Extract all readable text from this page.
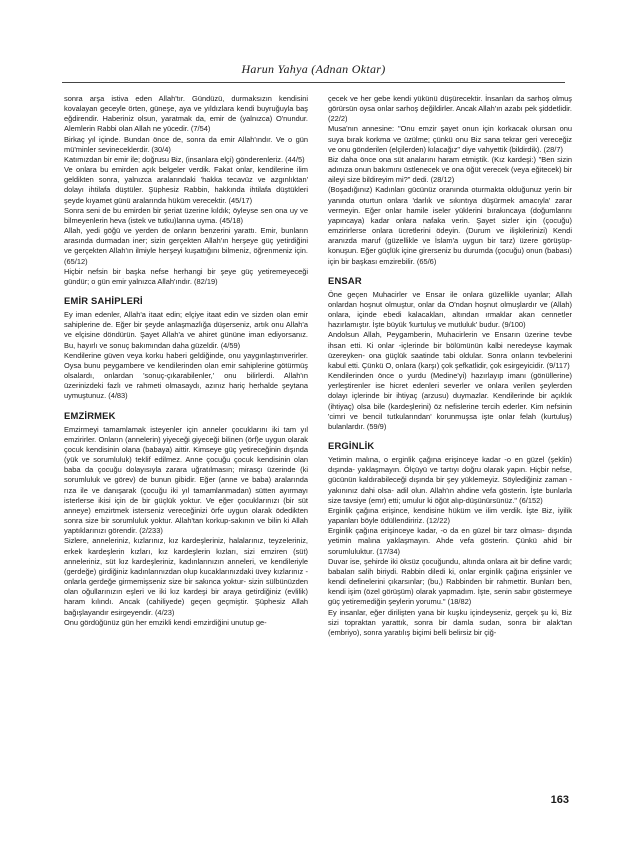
Harun Yahya (Adnan Oktar)

sonra arşa istiva eden Allah'tır. Gündüzü, durmaksızın kendisini kovalayan geceyle örten, güneşe, aya ve yıldızlara kendi buyruğuyla baş eğdirendir. Haberiniz olsun, yaratmak da, emir de (yalnızca) O'nundur. Alemlerin Rabbi olan Allah ne yücedir. (7/54)

Birkaç yıl içinde. Bundan önce de, sonra da emir Allah'ındır. Ve o gün mü'minler sevineceklerdir. (30/4)

Katımızdan bir emir ile; doğrusu Biz, (insanlara elçi) gönderenleriz. (44/5)

Ve onlara bu emirden açık belgeler verdik. Fakat onlar, kendilerine ilim geldikten sonra, yalnızca aralarındaki 'hakka tecavüz ve azgınlıktan' dolayı ihtilafa düştüler. Şüphesiz Rabbin, hakkında ihtilafa düştükleri şeyde kıyamet günü aralarında hüküm verecektir. (45/17)

Sonra seni de bu emirden bir şeriat üzerine kıldık; öyleyse sen ona uy ve bilmeyenlerin heva (istek ve tutku)larına uyma. (45/18)

Allah, yedi göğü ve yerden de onların benzerini yarattı. Emir, bunların arasında durmadan iner; sizin gerçekten Allah'ın herşeye güç yetirdiğini ve gerçekten Allah'ın ilmiyle herşeyi kuşattığını bilmeniz, öğrenmeniz için. (65/12)

Hiçbir nefsin bir başka nefse herhangi bir şeye güç yetiremeyeceği gündür; o gün emir yalnızca Allah'ındır. (82/19)

EMİR SAHİPLERİ

Ey iman edenler, Allah'a itaat edin; elçiye itaat edin ve sizden olan emir sahiplerine de. Eğer bir şeyde anlaşmazlığa düşerseniz, artık onu Allah'a ve elçisine döndürün. Şayet Allah'a ve ahiret gününe iman ediyorsanız. Bu, hayırlı ve sonuç bakımından daha güzeldir. (4/59)

Kendilerine güven veya korku haberi geldiğinde, onu yaygınlaştırıverirler. Oysa bunu peygambere ve kendilerinden olan emir sahiplerine götürmüş olsalardı, onlardan 'sonuç-çıkarabilenler,' onu bilirlerdi. Allah'ın üzerinizdeki fazlı ve rahmeti olmasaydı, azınız hariç herhalde şeytana uymuştunuz. (4/83)

EMZİRMEK

Emzirmeyi tamamlamak isteyenler için anneler çocuklarını iki tam yıl emzirirler. Onların (annelerin) yiyeceği giyeceği bilinen (örf)e uygun olarak çocuk kendisinin olana (babaya) aittir. Kimseye güç yetireceğinin dışında (yük ve sorumluluk) teklif edilmez. Anne çocuğu çocuk kendisinin olan baba da çocuğu dolayısıyla zarara uğratılmasın; mirasçı üzerinde (ki sorumluluk ve görev) de bunun gibidir. Eğer (anne ve baba) aralarında rıza ile ve danışarak (çocuğu iki yıl tamamlanmadan) sütten ayırmayı isterlerse ikisi için de bir güçlük yoktur. Ve eğer çocuklarınızı (bir süt anneye) emzirtmek isterseniz vereceğinizi örfe uygun olarak ödedikten sonra size bir sorumluluk yoktur. Allah'tan korkup-sakının ve bilin ki Allah yaptıklarınızı görendir. (2/233)

Sizlere, anneleriniz, kızlarınız, kız kardeşleriniz, halalarınız, teyzeleriniz, erkek kardeşlerin kızları, kız kardeşlerin kızları, sizi emziren (süt) anneleriniz, süt kız kardeşleriniz, kadınlarınızın anneleri, ve kendileriyle (gerdeğe) girdiğiniz kadınlarınızdan olup kucaklarınızdaki üvey kızlarınız -onlarla gerdeğe girmemişseniz size bir sakınca yoktur- sizin sülbünüzden olan oğullarınızın eşleri ve iki kız kardeşi bir araya getirdiğiniz (evlilik) haram kılındı. Ancak (cahiliyede) geçen geçmiştir. Şüphesiz Allah bağışlayandır esirgeyendir. (4/23)

Onu gördüğünüz gün her emzikli kendi emzirdiğini unutup ge-

çecek ve her gebe kendi yükünü düşürecektir. İnsanları da sarhoş olmuş görürsün oysa onlar sarhoş değildirler. Ancak Allah'ın azabı pek şiddetlidir. (22/2)

Musa'nın annesine: "Onu emzir şayet onun için korkacak olursan onu suya bırak korkma ve üzülme; çünkü onu Biz sana tekrar geri vereceğiz ve onu gönderilen (elçilerden) kılacağız" diye vahyettik (bildirdik). (28/7)

Biz daha önce ona süt analarını haram etmiştik. (Kız kardeşi:) "Ben sizin adınıza onun bakımını üstlenecek ve ona öğüt verecek (veya eğitecek) bir aileyi size bildireyim mi?" dedi. (28/12)

(Boşadığınız) Kadınları gücünüz oranında oturmakta olduğunuz yerin bir yanında oturtun onlara 'darlık ve sıkıntıya düşürmek amacıyla' zarar vermeyin. Eğer onlar hamile iseler yüklerini bırakıncaya (doğumlarını yapıncaya) kadar onlara nafaka verin. Şayet sizler için (çocuğu) emzirirlerse onlara ücretlerini ödeyin. (Durum ve ilişkilerinizi) Kendi aranızda maruf (güzellikle ve İslam'a uygun bir tarz) üzere görüşüp-konuşun. Eğer güçlük içine girerseniz bu durumda (çocuğu) onun (babası) için bir başkası emzirebilir. (65/6)

ENSAR

Öne geçen Muhacirler ve Ensar ile onlara güzellikle uyanlar; Allah onlardan hoşnut olmuştur, onlar da O'ndan hoşnut olmuşlardır ve (Allah) onlara, içinde ebedi kalacakları, altından ırmaklar akan cennetler hazırlamıştır. İşte büyük 'kurtuluş ve mutluluk' budur. (9/100)

Andolsun Allah, Peygamberin, Muhacirlerin ve Ensarın üzerine tevbe ihsan etti. Ki onlar -içlerinde bir bölümünün kalbi neredeyse kaymak üzereyken- ona güçlük saatinde tabi oldular. Sonra onların tevbelerini kabul etti. Çünkü O, onlara (karşı) çok şefkatlidir, çok esirgeyicidir. (9/117)

Kendilerinden önce o yurdu (Medine'yi) hazırlayıp imanı (gönüllerine) yerleştirenler ise hicret edenleri severler ve onlara verilen şeylerden dolayı içlerinde bir ihtiyaç (arzusu) duymazlar. Kendilerinde bir açıklık (ihtiyaç) olsa bile (kardeşlerini) öz nefislerine tercih ederler. Kim nefsinin 'cimri ve bencil tutkularından' korunmuşsa işte onlar felah (kurtuluş) bulanlardır. (59/9)

ERGİNLİK

Yetimin malına, o erginlik çağına erişinceye kadar -o en güzel (şeklin) dışında- yaklaşmayın. Ölçüyü ve tartıyı doğru olarak yapın. Hiçbir nefse, gücünün kaldırabileceği dışında bir şey yüklemeyiz. Söylediğiniz zaman -yakınınız dahi olsa- adil olun. Allah'ın ahdine vefa gösterin. İşte bunlarla size tavsiye (emr) etti; umulur ki öğüt alıp-düşünürsünüz." (6/152)

Erginlik çağına erişince, kendisine hüküm ve ilim verdik. İşte Biz, iyilik yapanları böyle ödüllendiririz. (12/22)

Erginlik çağına erişinceye kadar, -o da en güzel bir tarz olması- dışında yetimin malına yaklaşmayın. Ahde vefa gösterin. Çünkü ahid bir sorumluluktur. (17/34)

Duvar ise, şehirde iki öksüz çocuğundu, altında onlara ait bir define vardı; babaları salih biriydi. Rabbin diledi ki, onlar erginlik çağına erişsinler ve kendi definelerini çıkarsınlar; (bu,) Rabbinden bir rahmettir. Bunları ben, kendi işim (özel görüşüm) olarak yapmadım. İşte, senin sabır göstermeye güç yetiremediğin şeylerin yorumu." (18/82)

Ey insanlar, eğer dirilişten yana bir kuşku içindeyseniz, gerçek şu ki, Biz sizi topraktan yarattık, sonra bir damla sudan, sonra bir alak'tan (embriyo), sonra yaratılış biçimi belli belirsiz bir çiğ-

163
